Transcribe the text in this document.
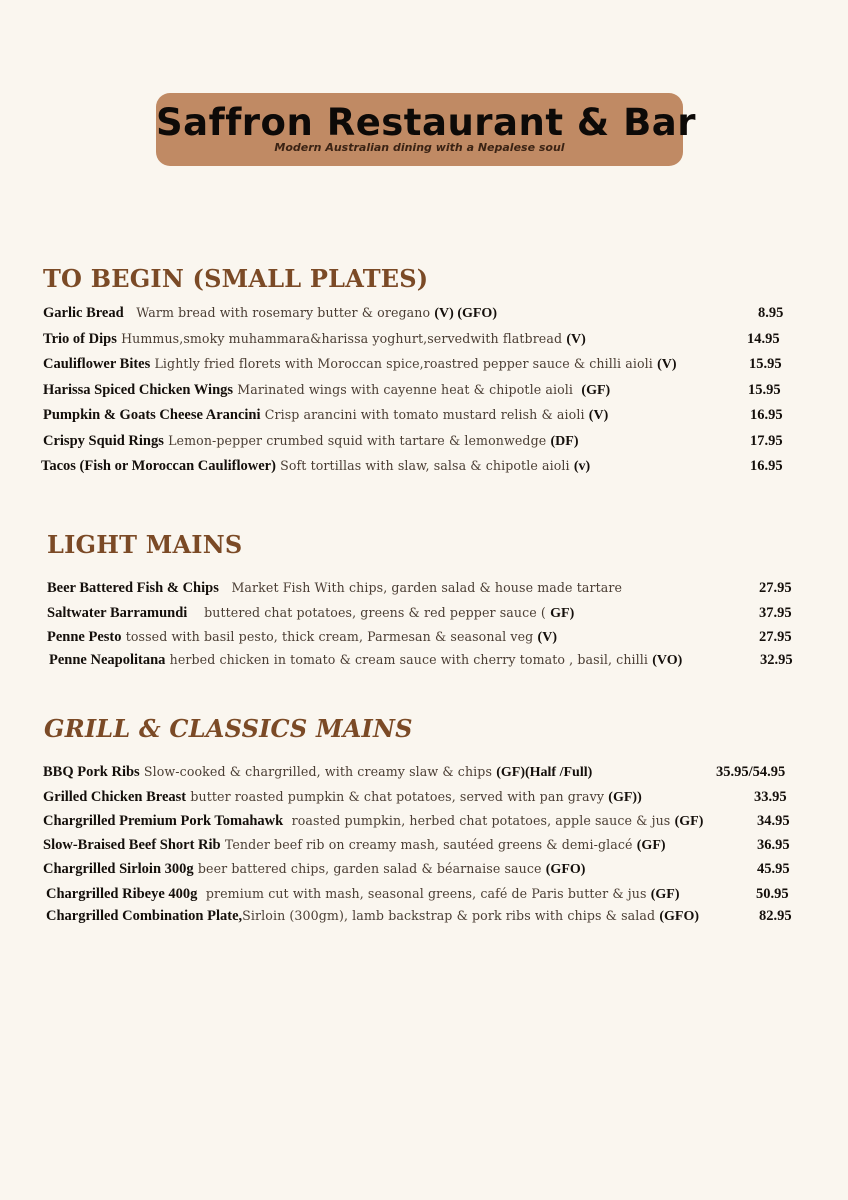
Saffron Restaurant & Bar
Modern Australian dining with a Nepalese soul
TO BEGIN (SMALL PLATES)
Garlic Bread Warm bread with rosemary butter & oregano (V) (GFO)	8.95
Trio of Dips Hummus,smoky muhammara&harissa yoghurt,servedwith flatbread (V)	14.95
Cauliflower Bites Lightly fried florets with Moroccan spice,roastred pepper sauce & chilli aioli (V)	15.95
Harissa Spiced Chicken Wings Marinated wings with cayenne heat & chipotle aioli (GF)	15.95
Pumpkin & Goats Cheese Arancini Crisp arancini with tomato mustard relish & aioli (V)	16.95
Crispy Squid Rings Lemon-pepper crumbed squid with tartare & lemonwedge (DF)	17.95
Tacos (Fish or Moroccan Cauliflower) Soft tortillas with slaw, salsa & chipotle aioli (v)	16.95
LIGHT MAINS
Beer Battered Fish & Chips Market Fish With chips, garden salad & house made tartare	27.95
Saltwater Barramundi buttered chat potatoes, greens & red pepper sauce ( GF)	37.95
Penne Pesto tossed with basil pesto, thick cream, Parmesan & seasonal veg (V)	27.95
Penne Neapolitana herbed chicken in tomato & cream sauce with cherry tomato , basil, chilli (VO)	32.95
GRILL & CLASSICS MAINS
BBQ Pork Ribs Slow-cooked & chargrilled, with creamy slaw & chips (GF)(Half /Full)	35.95/54.95
Grilled Chicken Breast butter roasted pumpkin & chat potatoes, served with pan gravy (GF))	33.95
Chargrilled Premium Pork Tomahawk roasted pumpkin, herbed chat potatoes, apple sauce & jus (GF)	34.95
Slow-Braised Beef Short Rib Tender beef rib on creamy mash, sautéed greens & demi-glacé (GF)	36.95
Chargrilled Sirloin 300g beer battered chips, garden salad & béarnaise sauce (GFO)	45.95
Chargrilled Ribeye 400g premium cut with mash, seasonal greens, café de Paris butter & jus (GF)	50.95
Chargrilled Combination Plate,Sirloin (300gm), lamb backstrap & pork ribs with chips & salad (GFO)	82.95
